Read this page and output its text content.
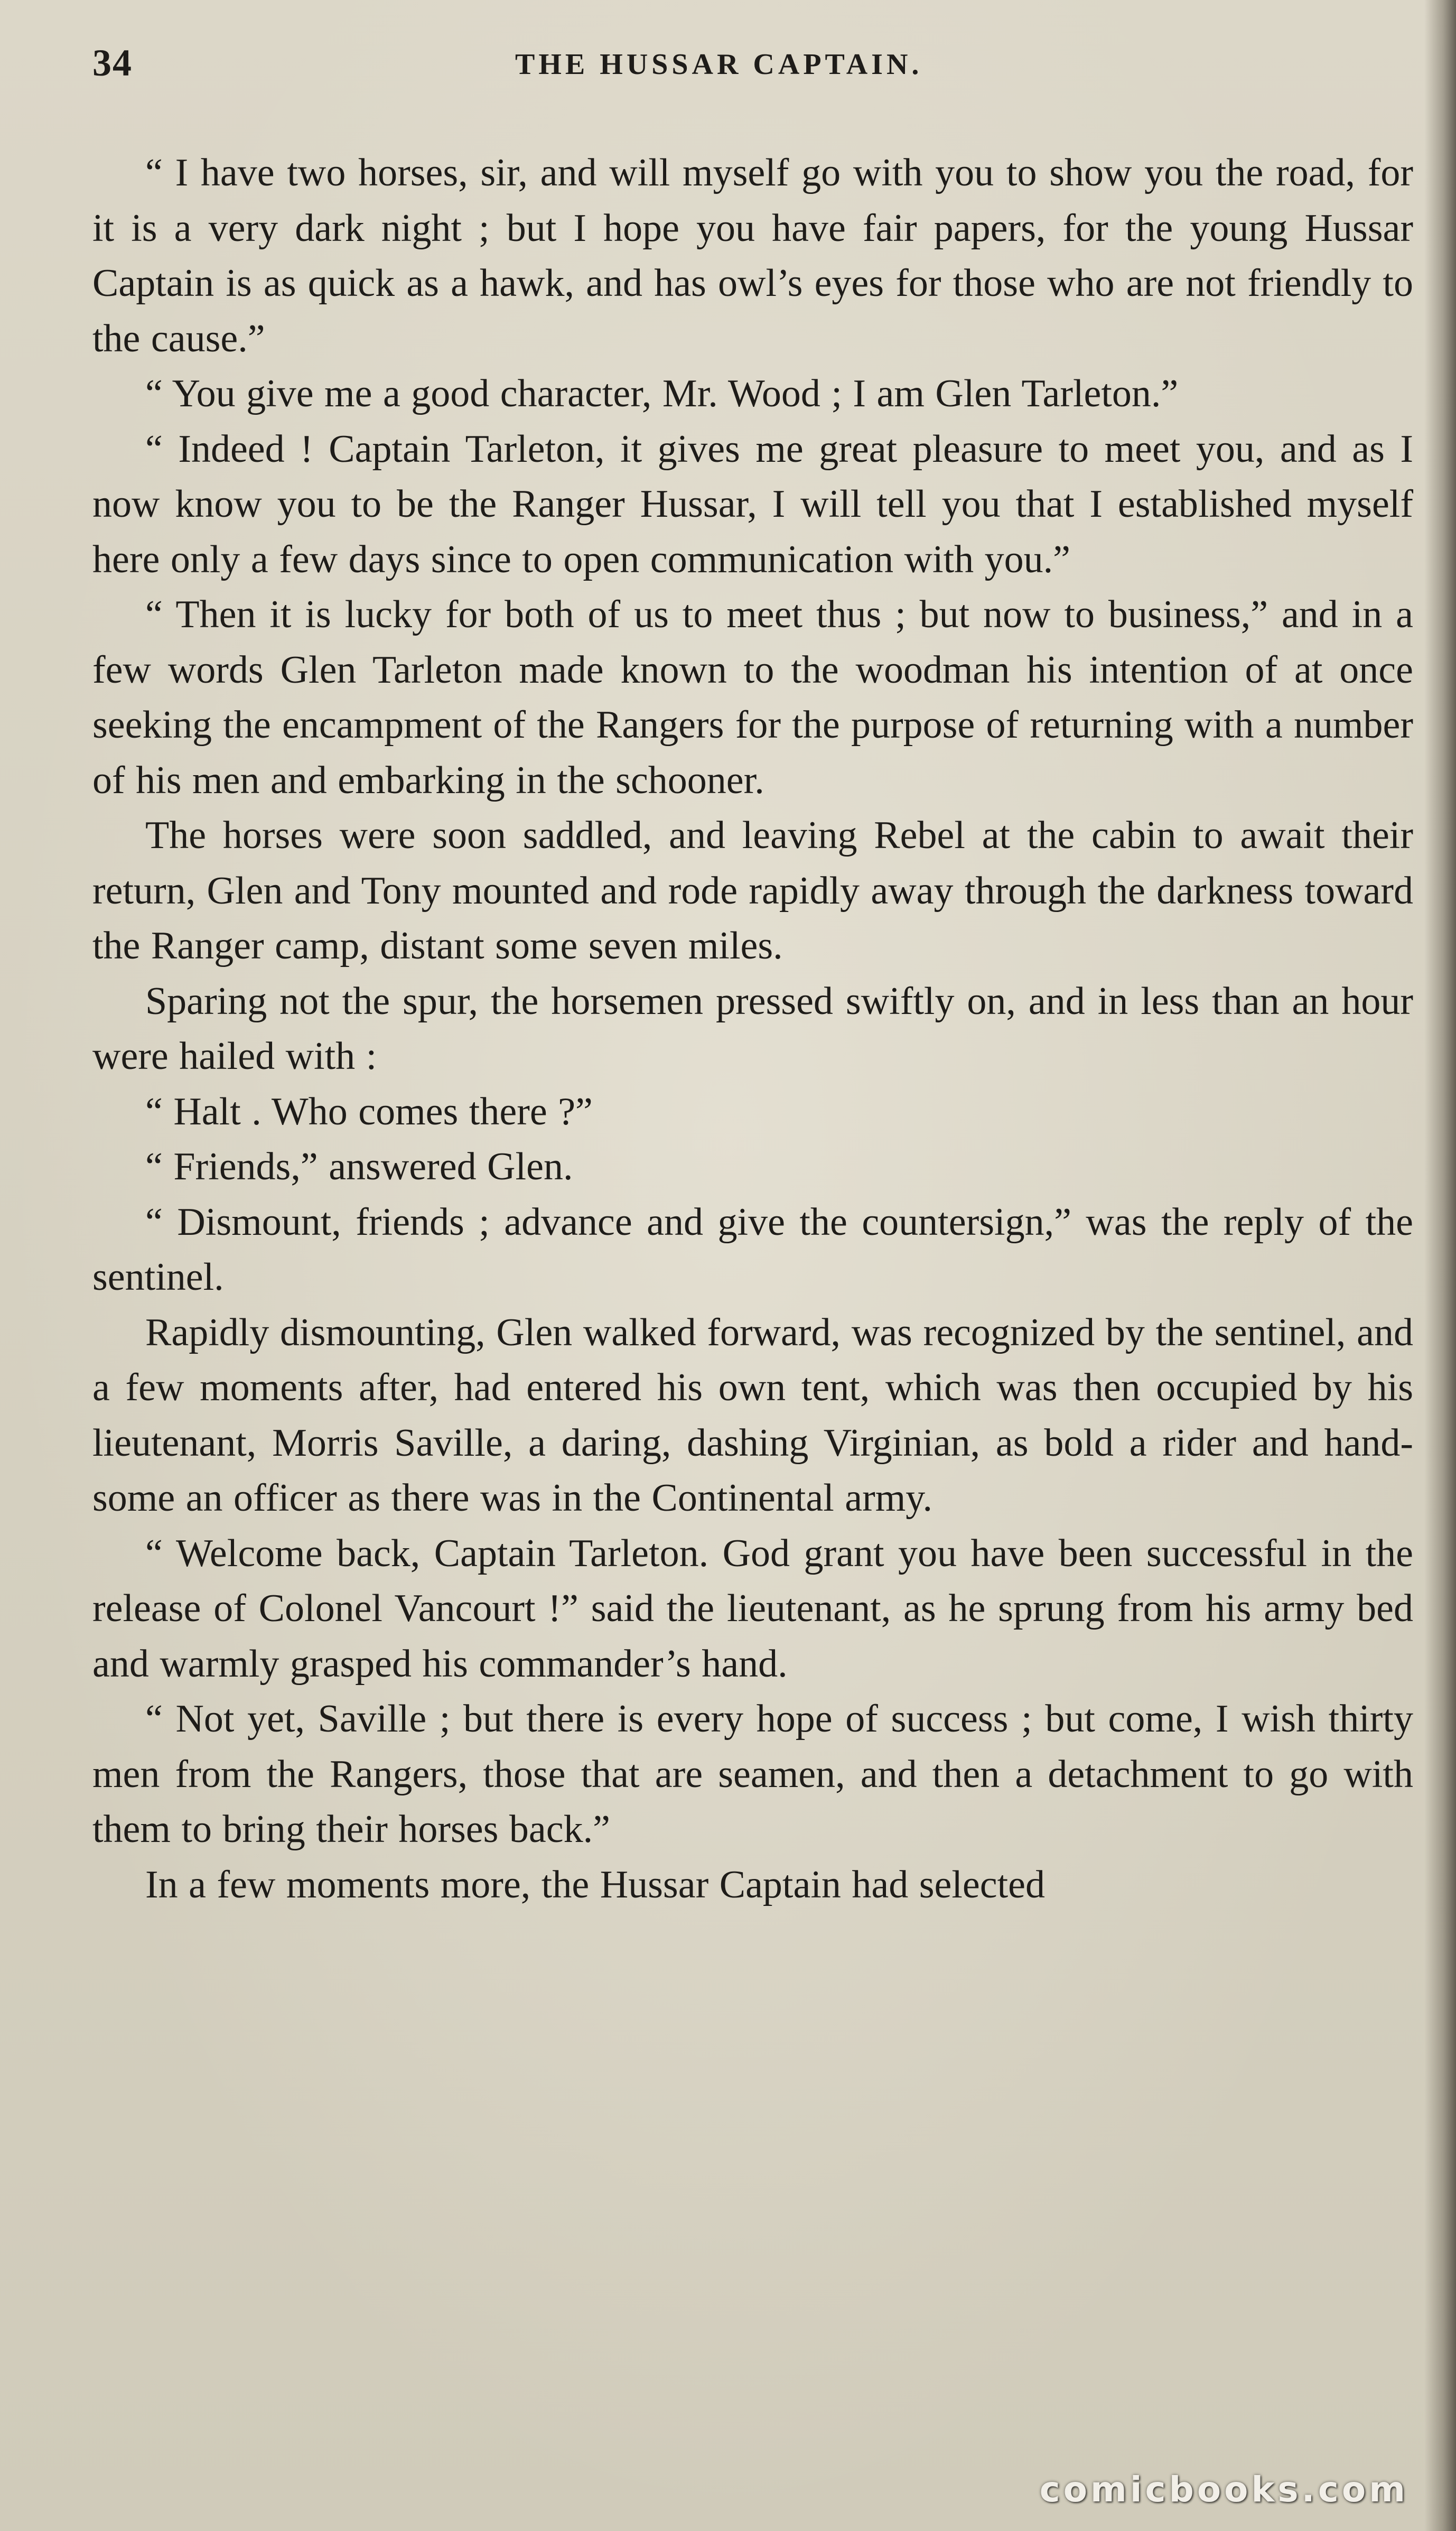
34	THE HUSSAR CAPTAIN.

“ I have two horses, sir, and will myself go with you to show you the road, for it is a very dark night ; but I hope you have fair papers, for the young Hussar Captain is as quick as a hawk, and has owl’s eyes for those who are not friendly to the cause.”

“ You give me a good character, Mr. Wood ; I am Glen Tarleton.”

“ Indeed ! Captain Tarleton, it gives me great pleasure to meet you, and as I now know you to be the Ranger Hussar, I will tell you that I established myself here only a few days since to open communication with you.”

“ Then it is lucky for both of us to meet thus ; but now to business,” and in a few words Glen Tarleton made known to the woodman his intention of at once seeking the encampment of the Rangers for the purpose of returning with a number of his men and embarking in the schooner.

The horses were soon saddled, and leaving Rebel at the cabin to await their return, Glen and Tony mounted and rode rapidly away through the darkness toward the Ranger camp, distant some seven miles.

Sparing not the spur, the horsemen pressed swiftly on, and in less than an hour were hailed with :

“ Halt . Who comes there ?”

“ Friends,” answered Glen.

“ Dismount, friends ; advance and give the countersign,” was the reply of the sentinel.

Rapidly dismounting, Glen walked forward, was recognized by the sentinel, and a few moments after, had entered his own tent, which was then occupied by his lieutenant, Morris Saville, a daring, dashing Virginian, as bold a rider and handsome an officer as there was in the Continental army.

“ Welcome back, Captain Tarleton. God grant you have been successful in the release of Colonel Vancourt !” said the lieutenant, as he sprung from his army bed and warmly grasped his commander’s hand.

“ Not yet, Saville ; but there is every hope of success ; but come, I wish thirty men from the Rangers, those that are seamen, and then a detachment to go with them to bring their horses back.”

In a few moments more, the Hussar Captain had selected

comicbooks.com
